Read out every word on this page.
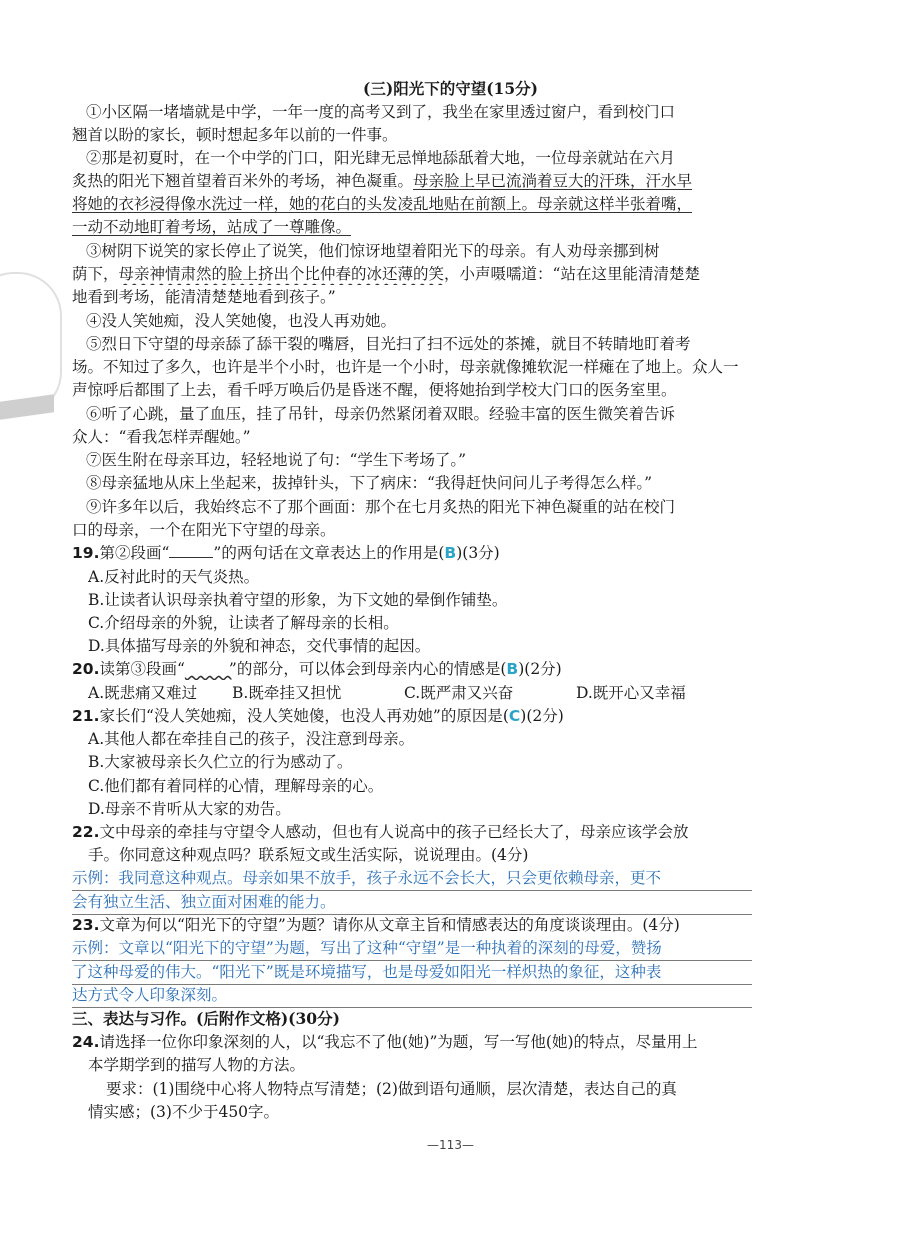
(三)阳光下的守望(15分)
①小区隔一堵墙就是中学，一年一度的高考又到了，我坐在家里透过窗户，看到校门口
翘首以盼的家长，顿时想起多年以前的一件事。
②那是初夏时，在一个中学的门口，阳光肆无忌惮地舔舐着大地，一位母亲就站在六月
炙热的阳光下翘首望着百米外的考场，神色凝重。母亲脸上早已流淌着豆大的汗珠，汗水早
将她的衣衫浸得像水洗过一样，她的花白的头发凌乱地贴在前额上。母亲就这样半张着嘴，
一动不动地盯着考场，站成了一尊雕像。
③树阴下说笑的家长停止了说笑，他们惊讶地望着阳光下的母亲。有人劝母亲挪到树
荫下，母亲神情肃然的脸上挤出个比仲春的冰还薄的笑，小声嗫嚅道：“站在这里能清清楚楚
地看到考场，能清清楚楚地看到孩子。”
④没人笑她痴，没人笑她傻，也没人再劝她。
⑤烈日下守望的母亲舔了舔干裂的嘴唇，目光扫了扫不远处的茶摊，就目不转睛地盯着考
场。不知过了多久，也许是半个小时，也许是一个小时，母亲就像摊软泥一样瘫在了地上。众人一
声惊呼后都围了上去，看千呼万唤后仍是昏迷不醒，便将她抬到学校大门口的医务室里。
⑥听了心跳，量了血压，挂了吊针，母亲仍然紧闭着双眼。经验丰富的医生微笑着告诉
众人：“看我怎样弄醒她。”
⑦医生附在母亲耳边，轻轻地说了句：“学生下考场了。”
⑧母亲猛地从床上坐起来，拔掉针头，下了病床：“我得赶快问问儿子考得怎么样。”
⑨许多年以后，我始终忘不了那个画面：那个在七月炙热的阳光下神色凝重的站在校门
口的母亲，一个在阳光下守望的母亲。
19.第②段画“	”的两句话在文章表达上的作用是(B)(3分)
A.反衬此时的天气炎热。
B.让读者认识母亲执着守望的形象，为下文她的晕倒作铺垫。
C.介绍母亲的外貌，让读者了解母亲的长相。
D.具体描写母亲的外貌和神态，交代事情的起因。
20.读第③段画“   	”的部分，可以体会到母亲内心的情感是(B)(2分)
A.既悲痛又难过 B.既牵挂又担忧	C.既严肃又兴奋	D.既开心又幸福
21.家长们“没人笑她痴，没人笑她傻，也没人再劝她”的原因是(C)(2分)
A.其他人都在牵挂自己的孩子，没注意到母亲。
B.大家被母亲长久伫立的行为感动了。
C.他们都有着同样的心情，理解母亲的心。
D.母亲不肯听从大家的劝告。
22.文中母亲的牵挂与守望令人感动，但也有人说高中的孩子已经长大了，母亲应该学会放
手。你同意这种观点吗？联系短文或生活实际，说说理由。(4分)
示例：我同意这种观点。母亲如果不放手，孩子永远不会长大，只会更依赖母亲，更不
会有独立生活、独立面对困难的能力。
23.文章为何以“阳光下的守望”为题？请你从文章主旨和情感表达的角度谈谈理由。(4分)
示例：文章以“阳光下的守望”为题，写出了这种“守望”是一种执着的深刻的母爱，赞扬
了这种母爱的伟大。“阳光下”既是环境描写，也是母爱如阳光一样炽热的象征，这种表
达方式令人印象深刻。
三、表达与习作。(后附作文格)(30分)
24.请选择一位你印象深刻的人，以“我忘不了他(她)”为题，写一写他(她)的特点，尽量用上
本学期学到的描写人物的方法。
要求：(1)围绕中心将人物特点写清楚；(2)做到语句通顺，层次清楚，表达自己的真
情实感；(3)不少于450字。
—113—
